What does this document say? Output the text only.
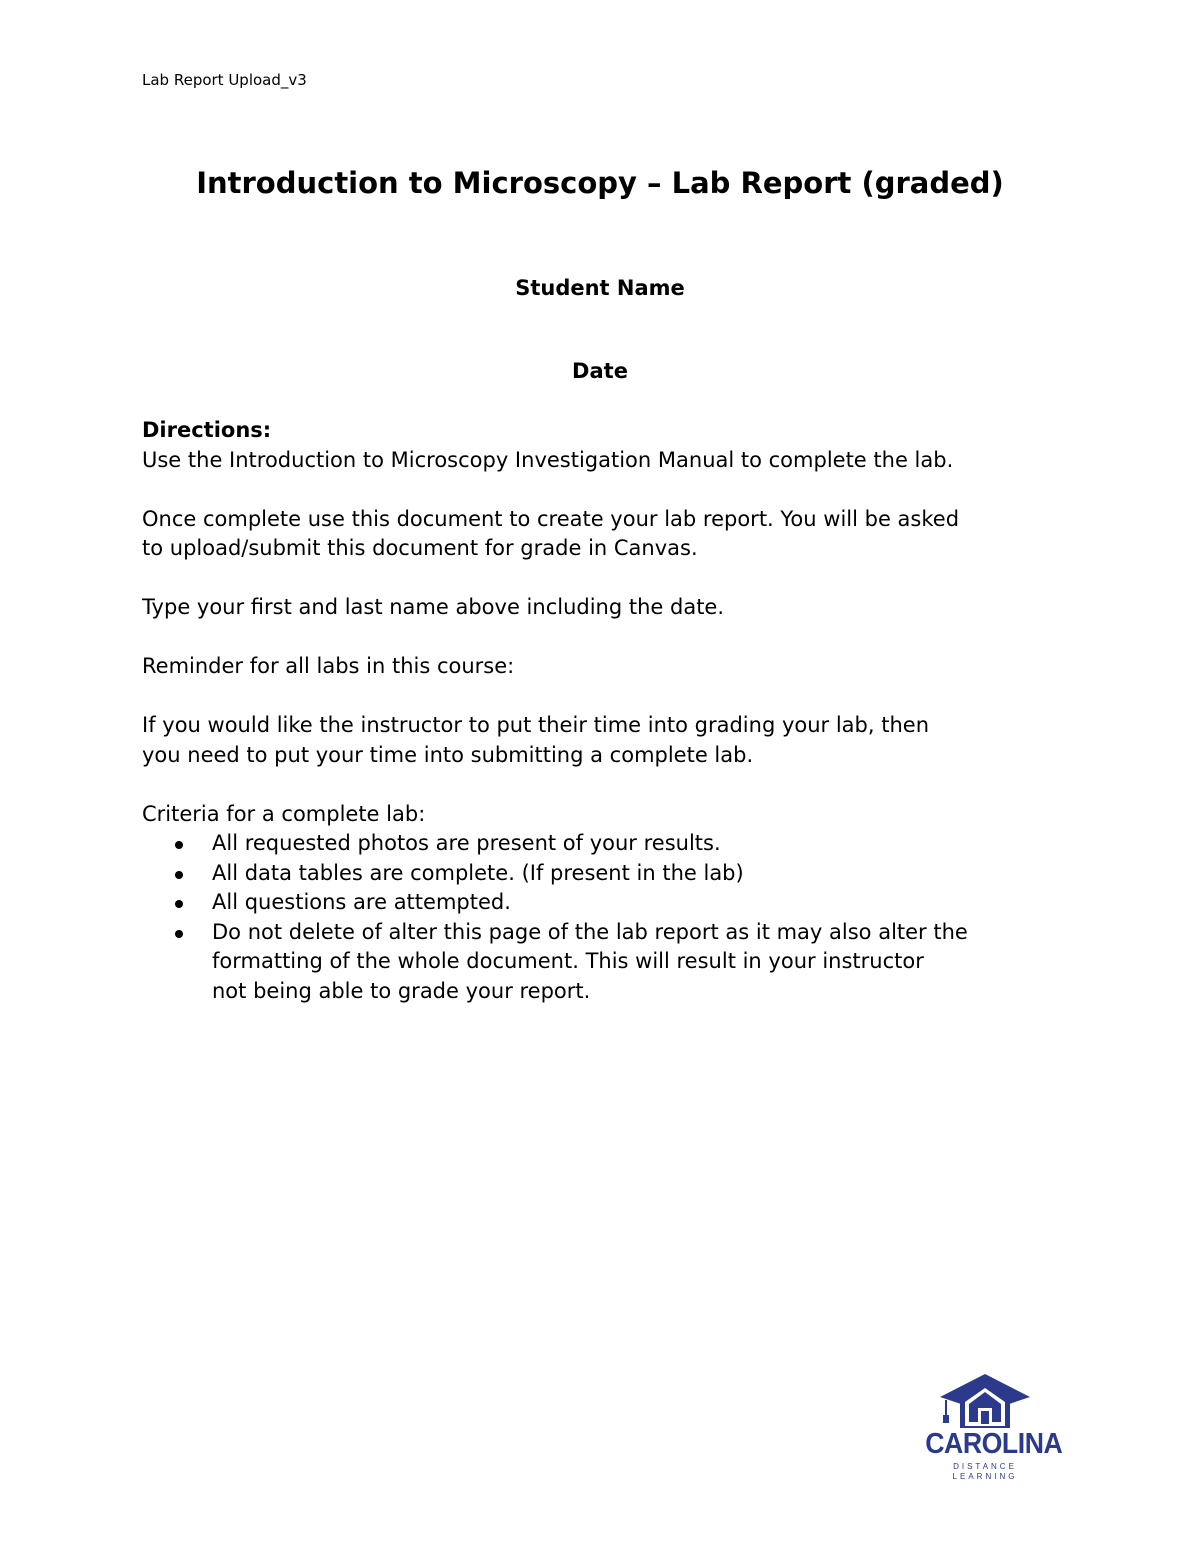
Lab Report Upload_v3
Introduction to Microscopy – Lab Report (graded)
Student Name
Date

Directions:

Use the Introduction to Microscopy Investigation Manual to complete the lab.

Once complete use this document to create your lab report. You will be asked

to upload/submit this document for grade in Canvas.

Type your first and last name above including the date.

Reminder for all labs in this course:

If you would like the instructor to put their time into grading your lab, then

you need to put your time into submitting a complete lab.

Criteria for a complete lab:

All requested photos are present of your results.
All data tables are complete. (If present in the lab)
All questions are attempted.
Do not delete of alter this page of the lab report as it may also alter the
formatting of the whole document. This will result in your instructor
not being able to grade your report.
CAROLINA
DISTANCE LEARNING
